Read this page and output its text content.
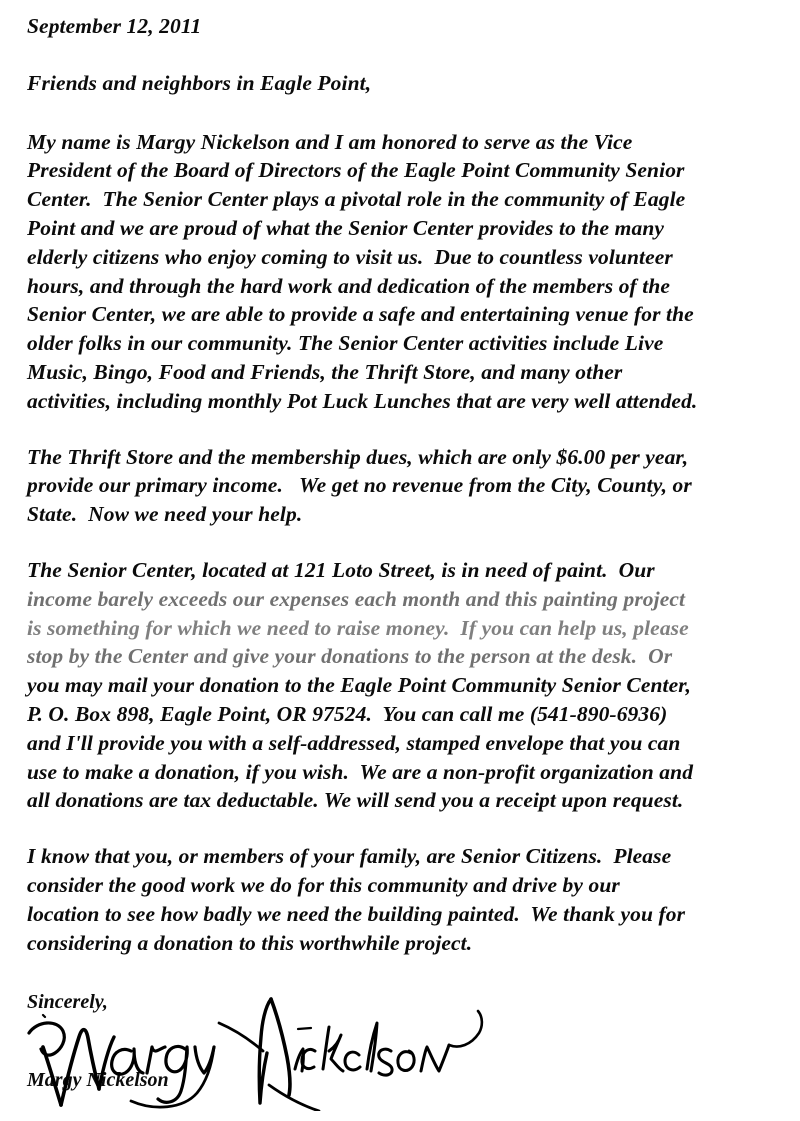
September 12, 2011
Friends and neighbors in Eagle Point,
My name is Margy Nickelson and I am honored to serve as the Vice
President of the Board of Directors of the Eagle Point Community Senior
Center.  The Senior Center plays a pivotal role in the community of Eagle
Point and we are proud of what the Senior Center provides to the many
elderly citizens who enjoy coming to visit us.  Due to countless volunteer
hours, and through the hard work and dedication of the members of the
Senior Center, we are able to provide a safe and entertaining venue for the
older folks in our community. The Senior Center activities include Live
Music, Bingo, Food and Friends, the Thrift Store, and many other
activities, including monthly Pot Luck Lunches that are very well attended.
The Thrift Store and the membership dues, which are only $6.00 per year,
provide our primary income.   We get no revenue from the City, County, or
State.  Now we need your help.
The Senior Center, located at 121 Loto Street, is in need of paint.  Our
income barely exceeds our expenses each month and this painting project
is something for which we need to raise money.  If you can help us, please
stop by the Center and give your donations to the person at the desk.  Or
you may mail your donation to the Eagle Point Community Senior Center,
P. O. Box 898, Eagle Point, OR 97524.  You can call me (541-890-6936)
and I'll provide you with a self-addressed, stamped envelope that you can
use to make a donation, if you wish.  We are a non-profit organization and
all donations are tax deductable. We will send you a receipt upon request.
I know that you, or members of your family, are Senior Citizens.  Please
consider the good work we do for this community and drive by our
location to see how badly we need the building painted.  We thank you for
considering a donation to this worthwhile project.
Sincerely,
Margy Nickelson
